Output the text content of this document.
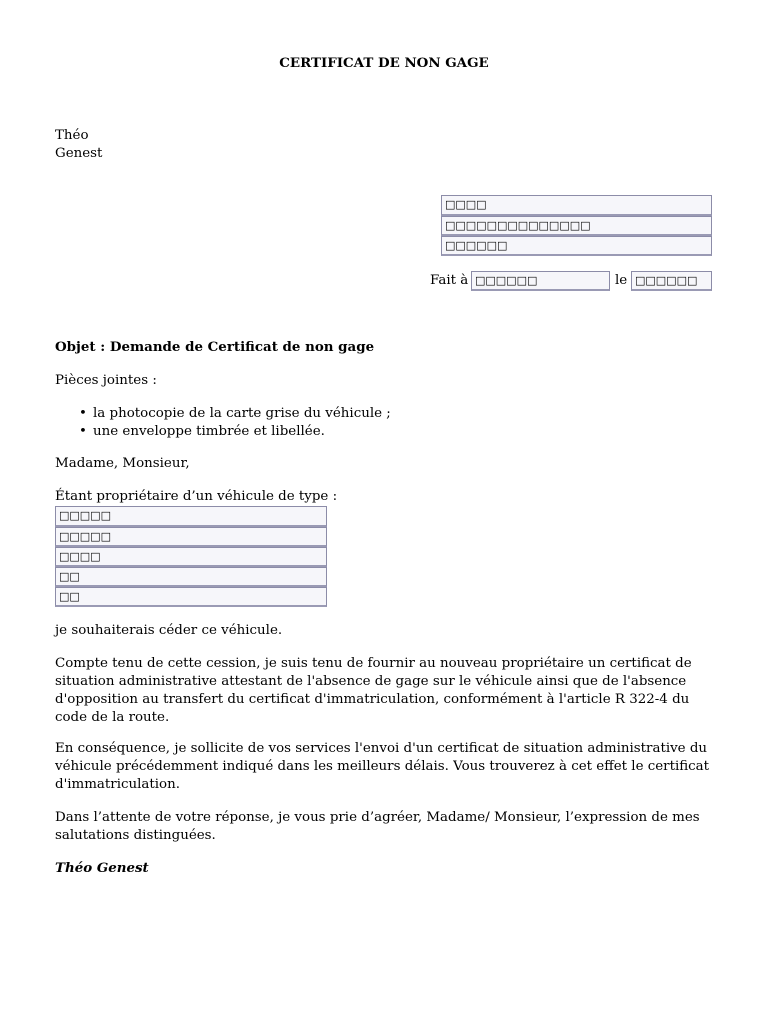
CERTIFICAT DE NON GAGE
Théo
Genest
□□□□
□□□□□□□□□□□□□□
□□□□□□
Fait à □□□□□□	le □□□□□□
Objet : Demande de Certificat de non gage
Pièces jointes :
• la photocopie de la carte grise du véhicule ;
• une enveloppe timbrée et libellée.
Madame, Monsieur,
Étant propriétaire d’un véhicule de type :
□□□□□
□□□□□
□□□□
□□
□□
je souhaiterais céder ce véhicule.
Compte tenu de cette cession, je suis tenu de fournir au nouveau propriétaire un certificat de situation administrative attestant de l'absence de gage sur le véhicule ainsi que de l'absence d'opposition au transfert du certificat d'immatriculation, conformément à l'article R 322-4 du code de la route.
En conséquence, je sollicite de vos services l'envoi d'un certificat de situation administrative du véhicule précédemment indiqué dans les meilleurs délais. Vous trouverez à cet effet le certificat d'immatriculation.
Dans l’attente de votre réponse, je vous prie d’agréer, Madame/ Monsieur, l’expression de mes salutations distinguées.
Théo Genest
